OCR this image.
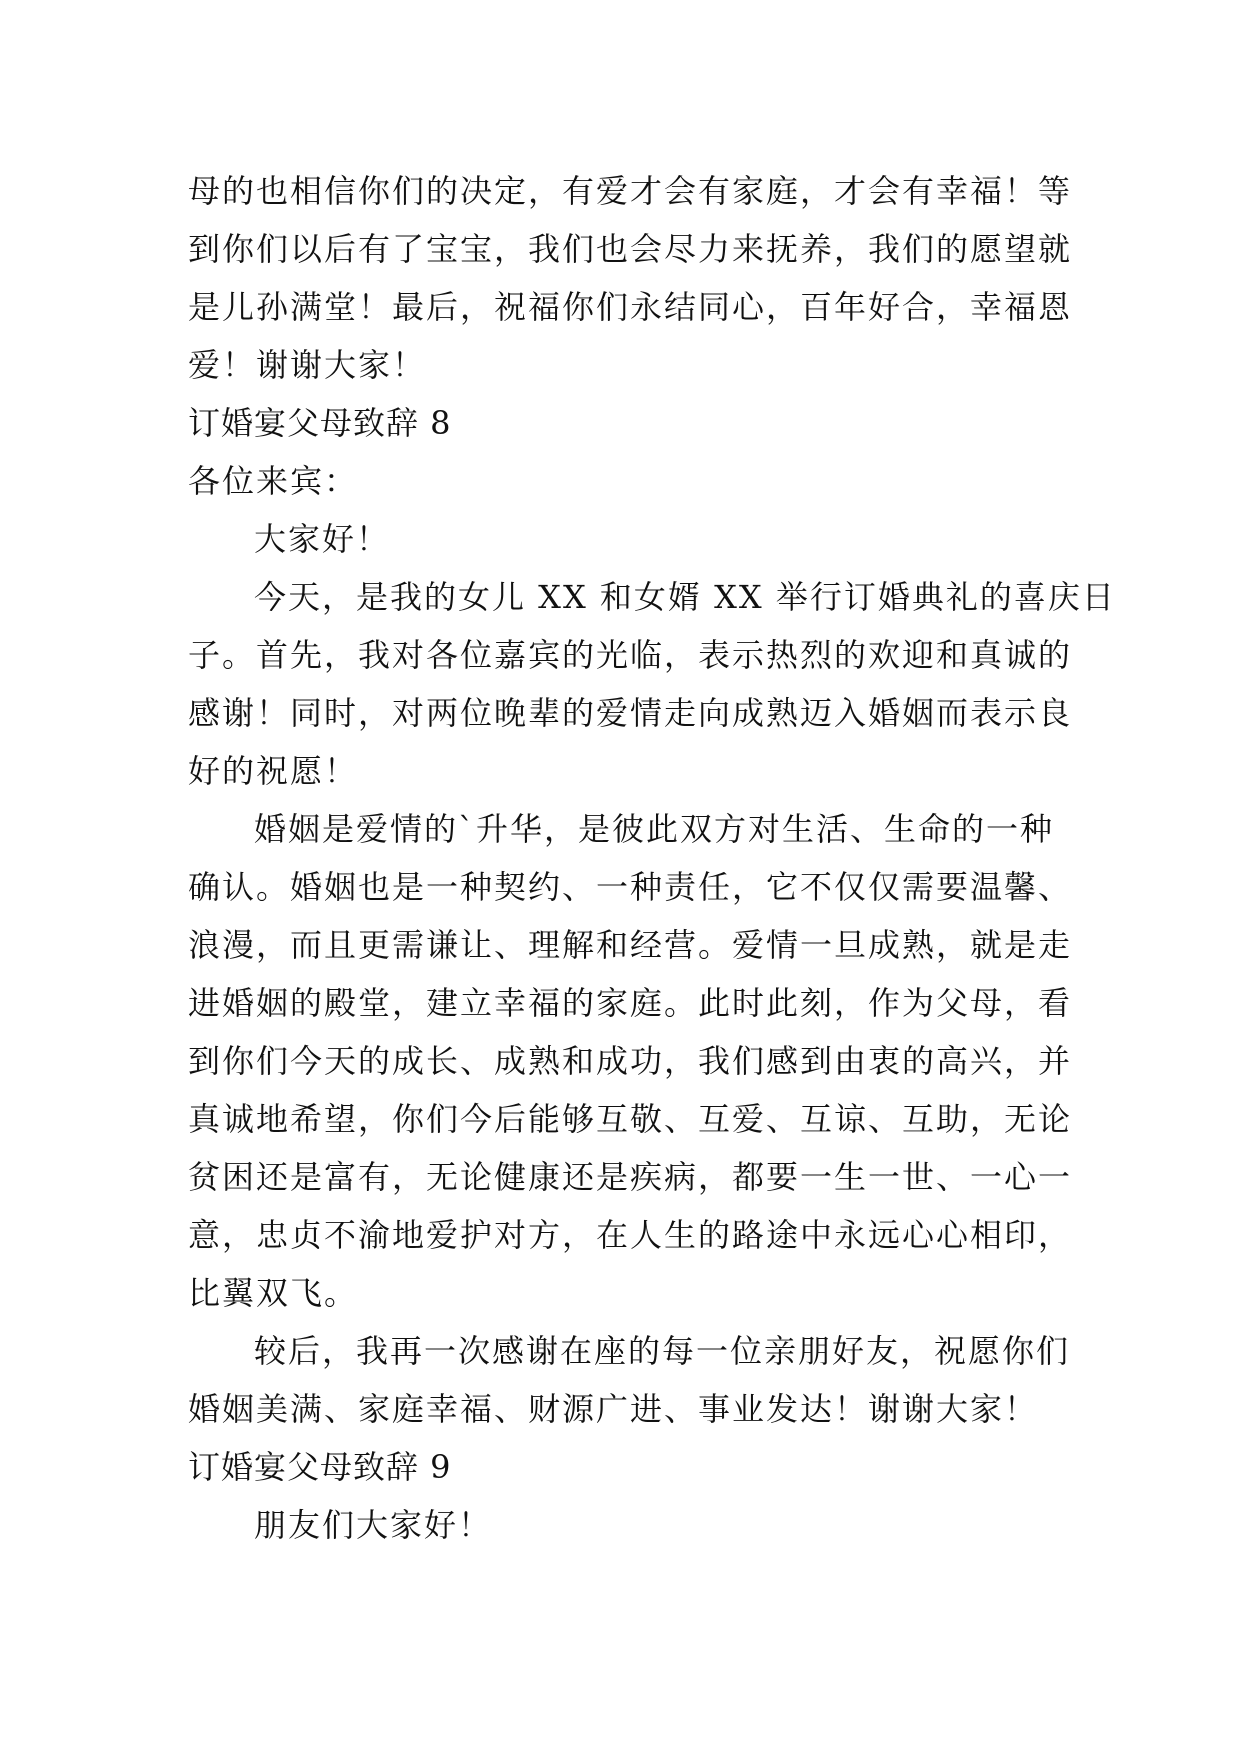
母的也相信你们的决定，有爱才会有家庭，才会有幸福！等
到你们以后有了宝宝，我们也会尽力来抚养，我们的愿望就
是儿孙满堂！最后，祝福你们永结同心，百年好合，幸福恩
爱！谢谢大家！
订婚宴父母致辞 8
各位来宾：
大家好！
今天，是我的女儿 XX 和女婿 XX 举行订婚典礼的喜庆日
子。首先，我对各位嘉宾的光临，表示热烈的欢迎和真诚的
感谢！同时，对两位晚辈的爱情走向成熟迈入婚姻而表示良
好的祝愿！
婚姻是爱情的`升华，是彼此双方对生活、生命的一种
确认。婚姻也是一种契约、一种责任，它不仅仅需要温馨、
浪漫，而且更需谦让、理解和经营。爱情一旦成熟，就是走
进婚姻的殿堂，建立幸福的家庭。此时此刻，作为父母，看
到你们今天的成长、成熟和成功，我们感到由衷的高兴，并
真诚地希望，你们今后能够互敬、互爱、互谅、互助，无论
贫困还是富有，无论健康还是疾病，都要一生一世、一心一
意，忠贞不渝地爱护对方，在人生的路途中永远心心相印，
比翼双飞。
较后，我再一次感谢在座的每一位亲朋好友，祝愿你们
婚姻美满、家庭幸福、财源广进、事业发达！谢谢大家！
订婚宴父母致辞 9
朋友们大家好！
